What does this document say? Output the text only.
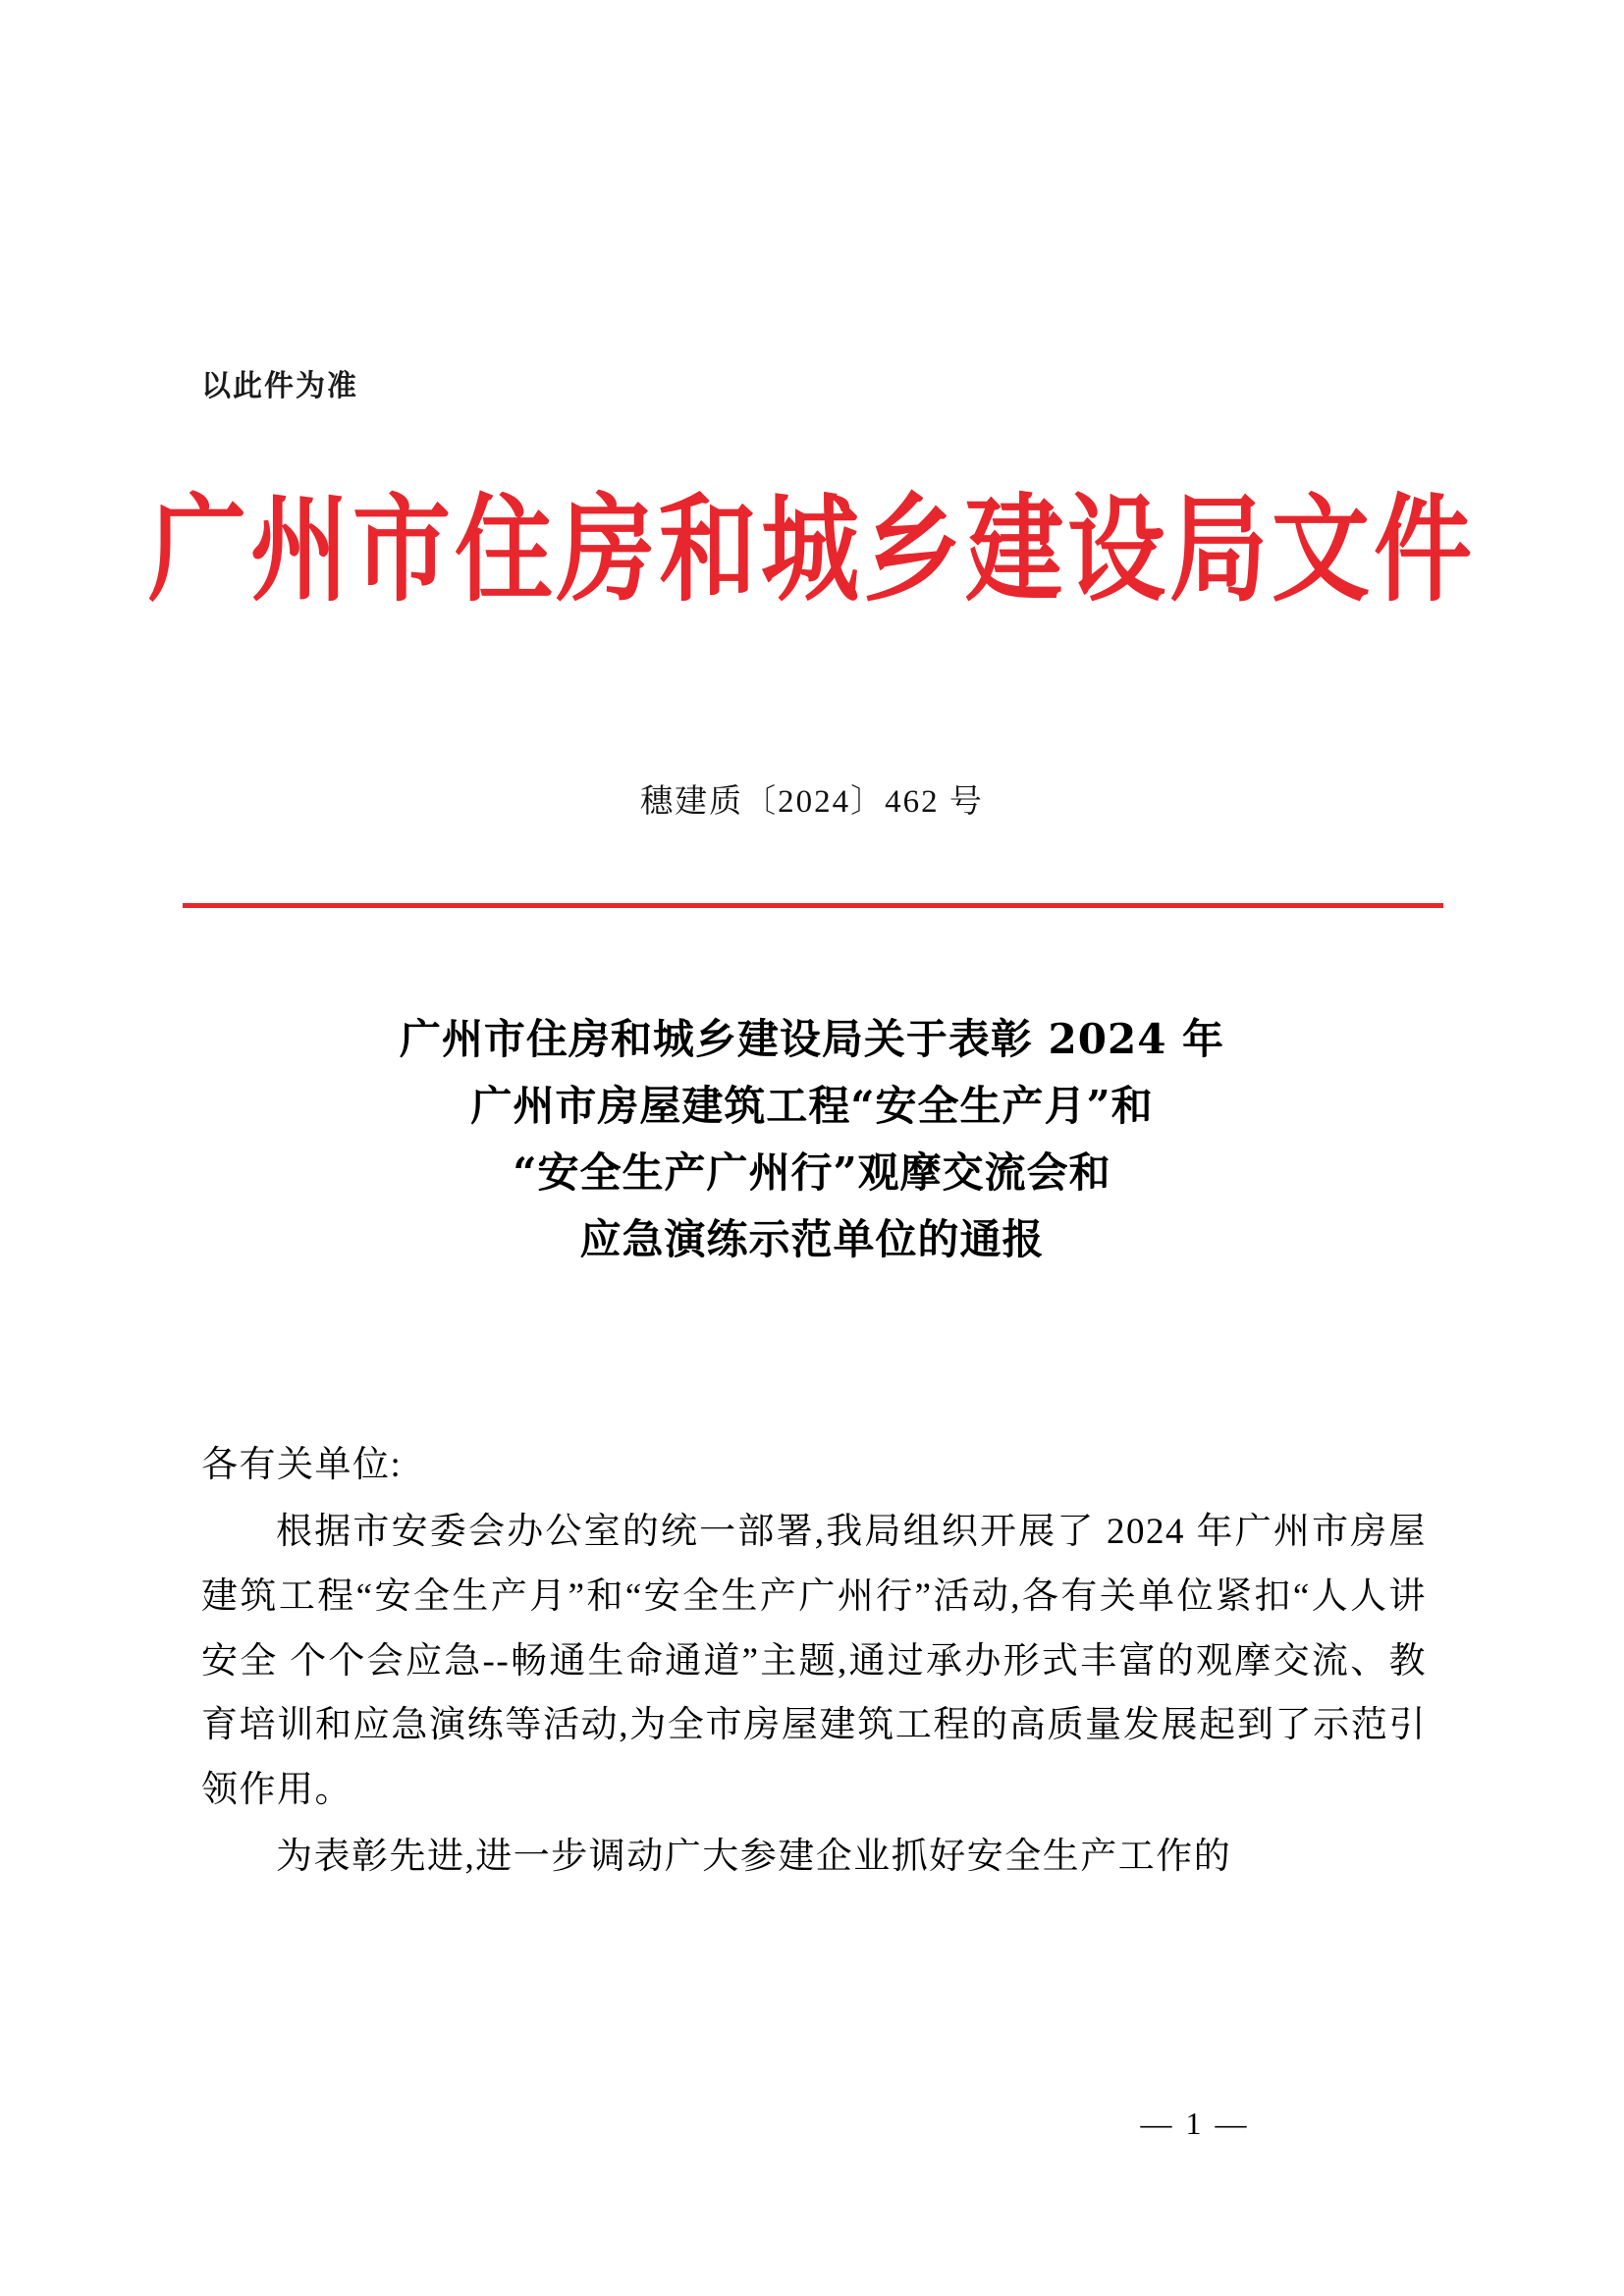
以此件为准
广州市住房和城乡建设局文件
穗建质〔2024〕462 号
广州市住房和城乡建设局关于表彰 2024 年
广州市房屋建筑工程“安全生产月”和
“安全生产广州行”观摩交流会和
应急演练示范单位的通报

各有关单位:

根据市安委会办公室的统一部署,我局组织开展了 2024 年广州市房屋建筑工程“安全生产月”和“安全生产广州行”活动,各有关单位紧扣“人人讲安全 个个会应急--畅通生命通道”主题,通过承办形式丰富的观摩交流、教育培训和应急演练等活动,为全市房屋建筑工程的高质量发展起到了示范引领作用。

为表彰先进,进一步调动广大参建企业抓好安全生产工作的

— 1 —
